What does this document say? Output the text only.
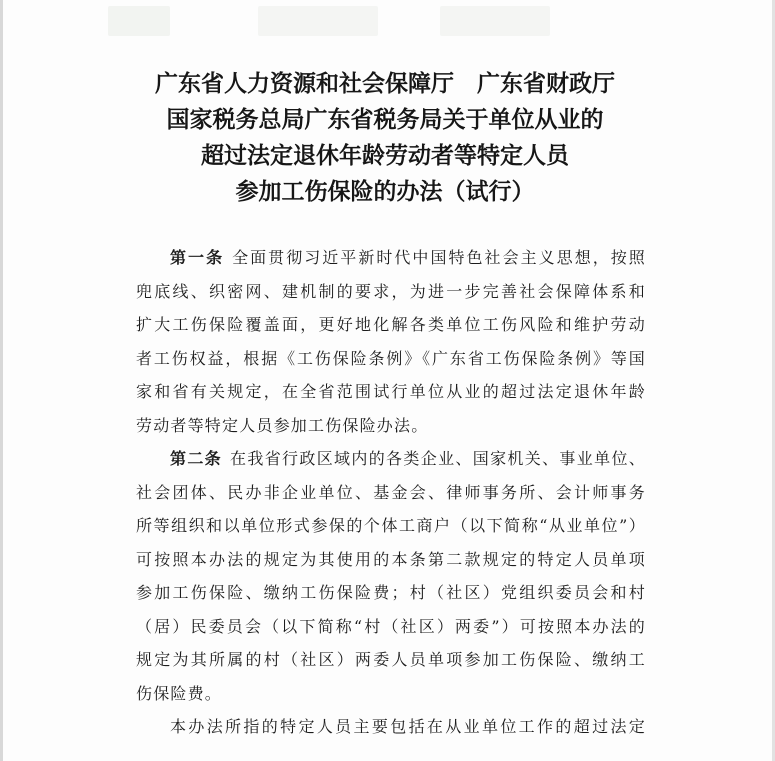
广东省人力资源和社会保障厅　广东省财政厅
国家税务总局广东省税务局关于单位从业的
超过法定退休年龄劳动者等特定人员
参加工伤保险的办法（试行）
第一条 全面贯彻习近平新时代中国特色社会主义思想，按照
兜底线、织密网、建机制的要求，为进一步完善社会保障体系和
扩大工伤保险覆盖面，更好地化解各类单位工伤风险和维护劳动
者工伤权益，根据《工伤保险条例》《广东省工伤保险条例》等国
家和省有关规定，在全省范围试行单位从业的超过法定退休年龄
劳动者等特定人员参加工伤保险办法。
第二条 在我省行政区域内的各类企业、国家机关、事业单位、
社会团体、民办非企业单位、基金会、律师事务所、会计师事务
所等组织和以单位形式参保的个体工商户（以下简称“从业单位”）
可按照本办法的规定为其使用的本条第二款规定的特定人员单项
参加工伤保险、缴纳工伤保险费；村（社区）党组织委员会和村
（居）民委员会（以下简称“村（社区）两委”）可按照本办法的
规定为其所属的村（社区）两委人员单项参加工伤保险、缴纳工
伤保险费。
本办法所指的特定人员主要包括在从业单位工作的超过法定
